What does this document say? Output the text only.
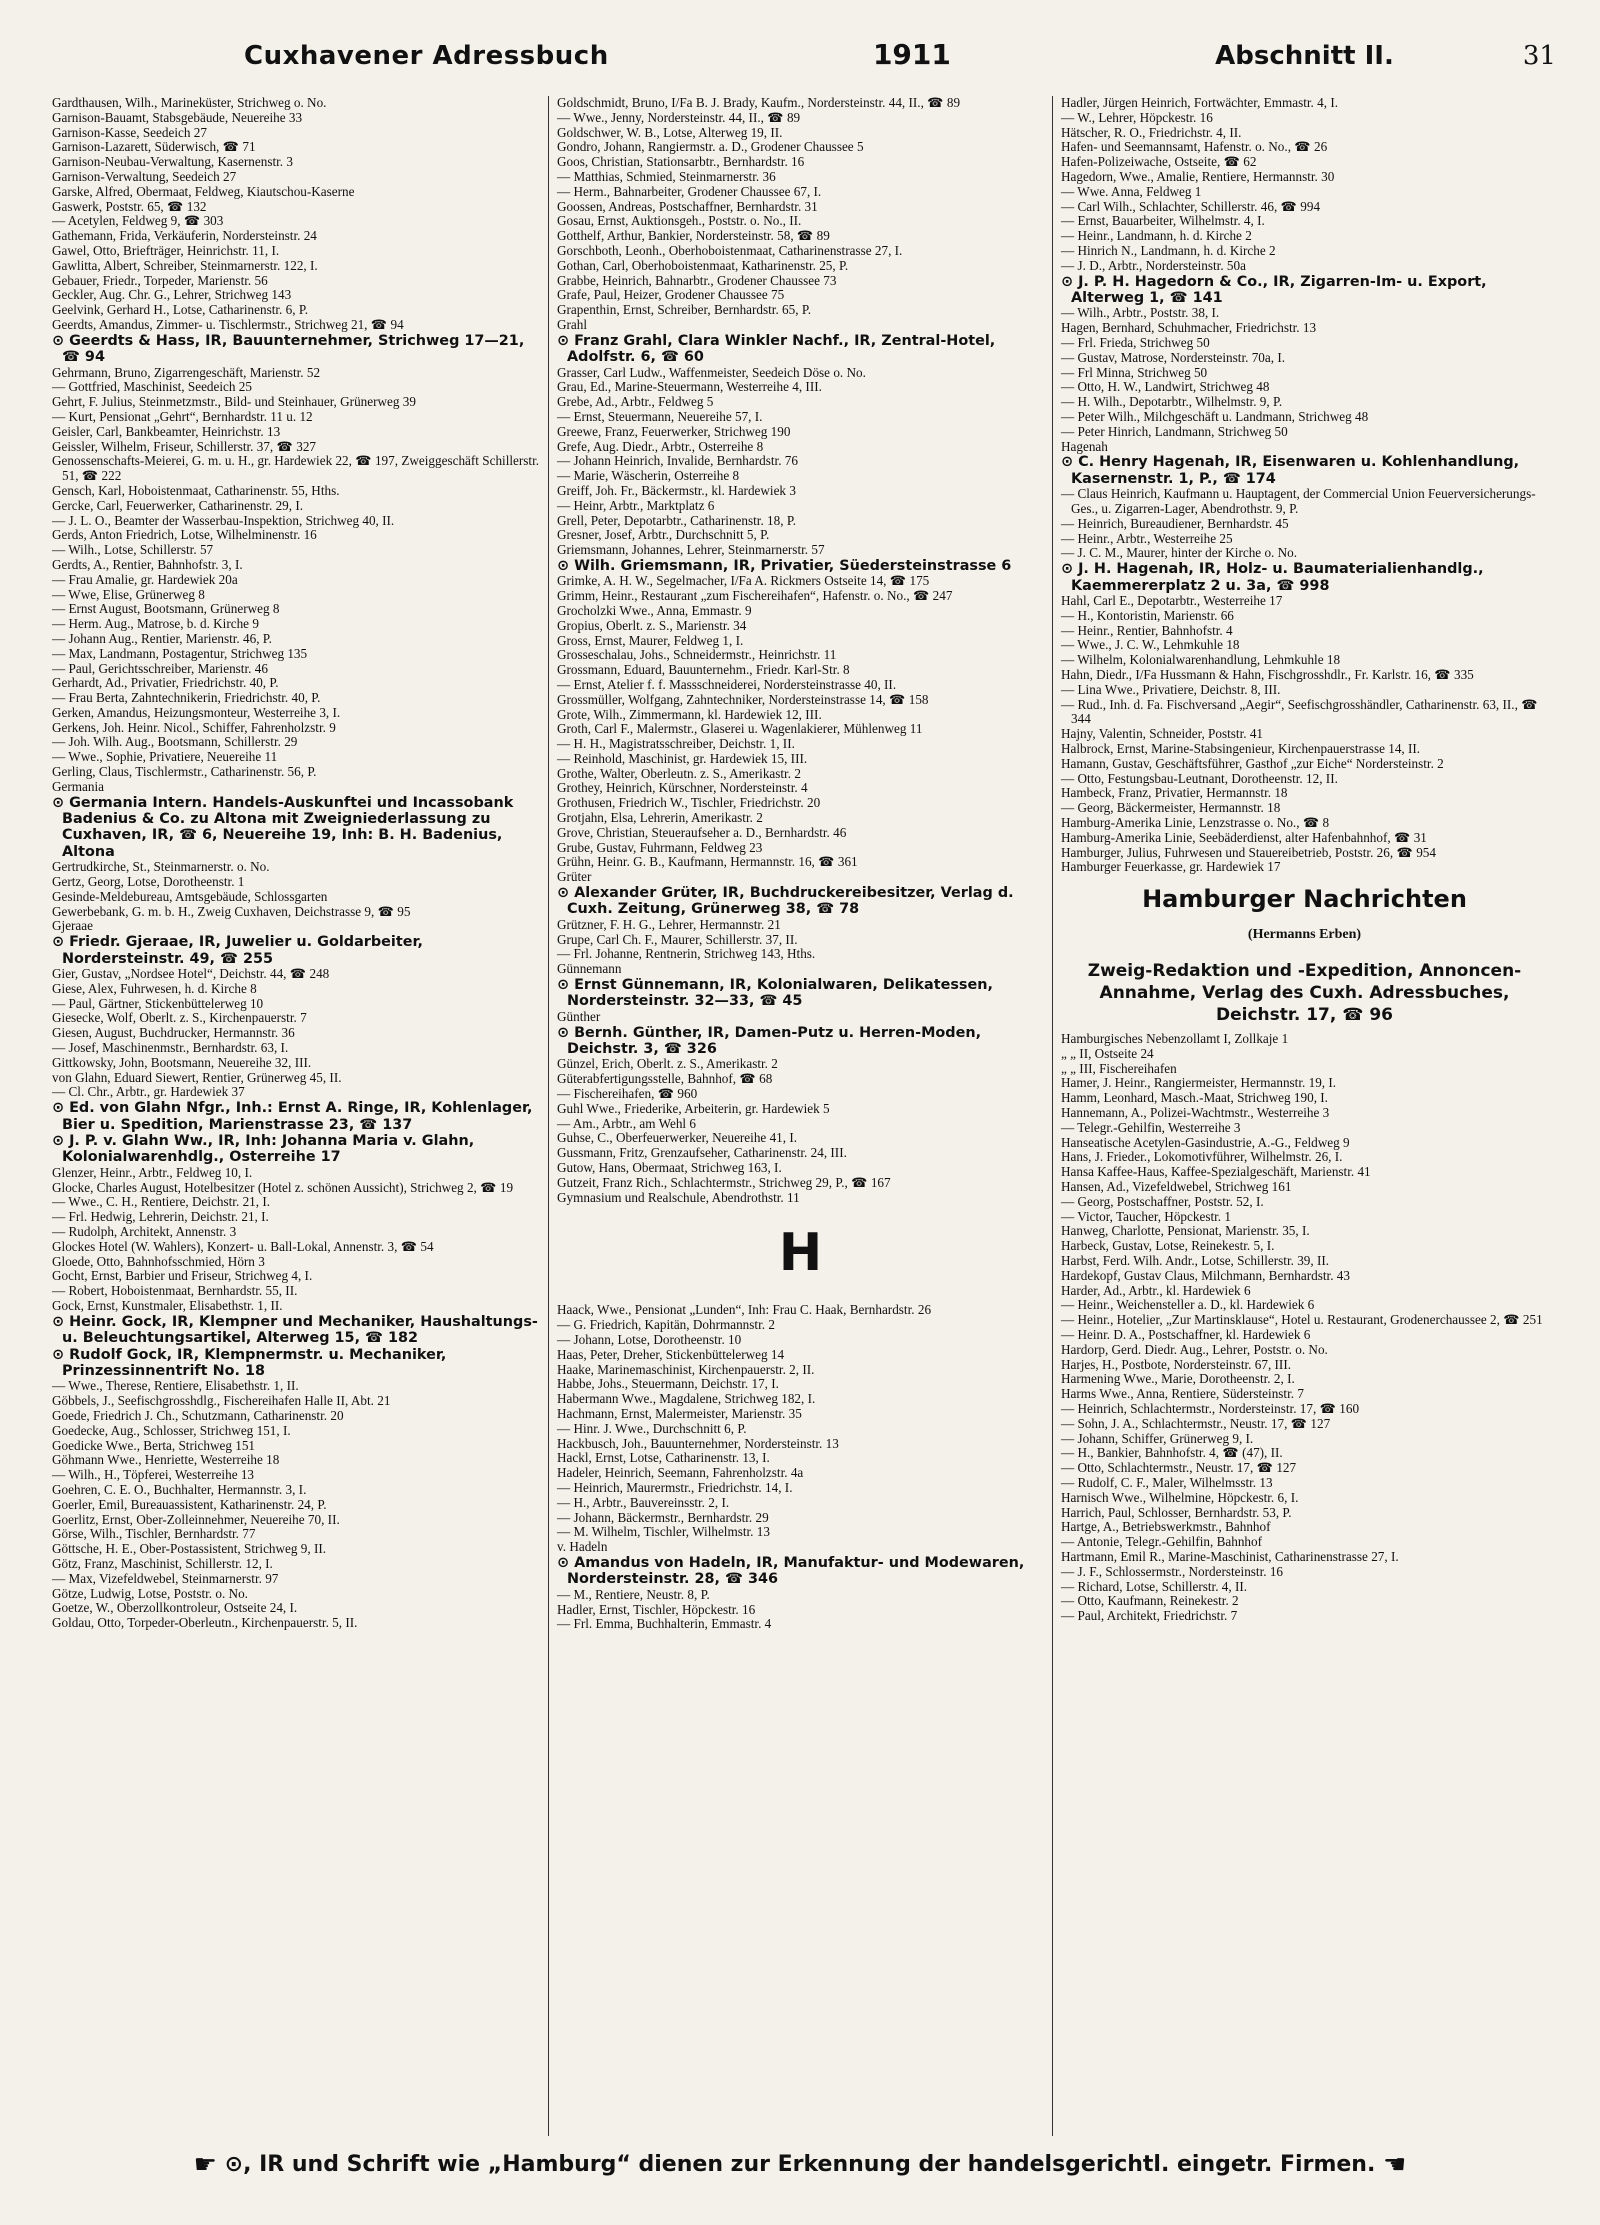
Cuxhavener Adressbuch	1911	Abschnitt II.	31

Gardthausen, Wilh., Marineküster, Strichweg o. No.

Garnison-Bauamt, Stabsgebäude, Neuereihe 33

Garnison-Kasse, Seedeich 27

Garnison-Lazarett, Süderwisch, ☎ 71

Garnison-Neubau-Verwaltung, Kasernenstr. 3

Garnison-Verwaltung, Seedeich 27

Garske, Alfred, Obermaat, Feldweg, Kiautschou-Kaserne

Gaswerk, Poststr. 65, ☎ 132

— Acetylen, Feldweg 9, ☎ 303

Gathemann, Frida, Verkäuferin, Nordersteinstr. 24

Gawel, Otto, Briefträger, Heinrichstr. 11, I.

Gawlitta, Albert, Schreiber, Steinmarnerstr. 122, I.

Gebauer, Friedr., Torpeder, Marienstr. 56

Geckler, Aug. Chr. G., Lehrer, Strichweg 143

Geelvink, Gerhard H., Lotse, Catharinenstr. 6, P.

Geerdts, Amandus, Zimmer- u. Tischlermstr., Strichweg 21, ☎ 94

⊙ Geerdts & Hass, IR, Bauunternehmer, Strichweg 17—21, ☎ 94

Gehrmann, Bruno, Zigarrengeschäft, Marienstr. 52

— Gottfried, Maschinist, Seedeich 25

Gehrt, F. Julius, Steinmetzmstr., Bild- und Steinhauer, Grünerweg 39

— Kurt, Pensionat „Gehrt“, Bernhardstr. 11 u. 12

Geisler, Carl, Bankbeamter, Heinrichstr. 13

Geissler, Wilhelm, Friseur, Schillerstr. 37, ☎ 327

Genossenschafts-Meierei, G. m. u. H., gr. Hardewiek 22, ☎ 197, Zweiggeschäft Schillerstr. 51, ☎ 222

Gensch, Karl, Hoboistenmaat, Catharinenstr. 55, Hths.

Gercke, Carl, Feuerwerker, Catharinenstr. 29, I.

— J. L. O., Beamter der Wasserbau-Inspektion, Strichweg 40, II.

Gerds, Anton Friedrich, Lotse, Wilhelminenstr. 16

— Wilh., Lotse, Schillerstr. 57

Gerdts, A., Rentier, Bahnhofstr. 3, I.

— Frau Amalie, gr. Hardewiek 20a

— Wwe, Elise, Grünerweg 8

— Ernst August, Bootsmann, Grünerweg 8

— Herm. Aug., Matrose, b. d. Kirche 9

— Johann Aug., Rentier, Marienstr. 46, P.

— Max, Landmann, Postagentur, Strichweg 135

— Paul, Gerichtsschreiber, Marienstr. 46

Gerhardt, Ad., Privatier, Friedrichstr. 40, P.

— Frau Berta, Zahntechnikerin, Friedrichstr. 40, P.

Gerken, Amandus, Heizungsmonteur, Westerreihe 3, I.

Gerkens, Joh. Heinr. Nicol., Schiffer, Fahrenholzstr. 9

— Joh. Wilh. Aug., Bootsmann, Schillerstr. 29

— Wwe., Sophie, Privatiere, Neuereihe 11

Gerling, Claus, Tischlermstr., Catharinenstr. 56, P.

Germania

⊙ Germania Intern. Handels-Auskunftei und Incassobank Badenius & Co. zu Altona mit Zweigniederlassung zu Cuxhaven, IR, ☎ 6, Neuereihe 19, Inh: B. H. Badenius, Altona

Gertrudkirche, St., Steinmarnerstr. o. No.

Gertz, Georg, Lotse, Dorotheenstr. 1

Gesinde-Meldebureau, Amtsgebäude, Schlossgarten

Gewerbebank, G. m. b. H., Zweig Cuxhaven, Deichstrasse 9, ☎ 95

Gjeraae

⊙ Friedr. Gjeraae, IR, Juwelier u. Goldarbeiter, Nordersteinstr. 49, ☎ 255

Gier, Gustav, „Nordsee Hotel“, Deichstr. 44, ☎ 248

Giese, Alex, Fuhrwesen, h. d. Kirche 8

— Paul, Gärtner, Stickenbüttelerweg 10

Giesecke, Wolf, Oberlt. z. S., Kirchenpauerstr. 7

Giesen, August, Buchdrucker, Hermannstr. 36

— Josef, Maschinenmstr., Bernhardstr. 63, I.

Gittkowsky, John, Bootsmann, Neuereihe 32, III.

von Glahn, Eduard Siewert, Rentier, Grünerweg 45, II.

— Cl. Chr., Arbtr., gr. Hardewiek 37

⊙ Ed. von Glahn Nfgr., Inh.: Ernst A. Ringe, IR, Kohlenlager, Bier u. Spedition, Marienstrasse 23, ☎ 137

⊙ J. P. v. Glahn Ww., IR, Inh: Johanna Maria v. Glahn, Kolonialwarenhdlg., Osterreihe 17

Glenzer, Heinr., Arbtr., Feldweg 10, I.

Glocke, Charles August, Hotelbesitzer (Hotel z. schönen Aussicht), Strichweg 2, ☎ 19

— Wwe., C. H., Rentiere, Deichstr. 21, I.

— Frl. Hedwig, Lehrerin, Deichstr. 21, I.

— Rudolph, Architekt, Annenstr. 3

Glockes Hotel (W. Wahlers), Konzert- u. Ball-Lokal, Annenstr. 3, ☎ 54

Gloede, Otto, Bahnhofsschmied, Hörn 3

Gocht, Ernst, Barbier und Friseur, Strichweg 4, I.

— Robert, Hoboistenmaat, Bernhardstr. 55, II.

Gock, Ernst, Kunstmaler, Elisabethstr. 1, II.

⊙ Heinr. Gock, IR, Klempner und Mechaniker, Haushaltungs- u. Beleuchtungsartikel, Alterweg 15, ☎ 182

⊙ Rudolf Gock, IR, Klempnermstr. u. Mechaniker, Prinzessinnentrift No. 18

— Wwe., Therese, Rentiere, Elisabethstr. 1, II.

Göbbels, J., Seefischgrosshdlg., Fischereihafen Halle II, Abt. 21

Goede, Friedrich J. Ch., Schutzmann, Catharinenstr. 20

Goedecke, Aug., Schlosser, Strichweg 151, I.

Goedicke Wwe., Berta, Strichweg 151

Göhmann Wwe., Henriette, Westerreihe 18

— Wilh., H., Töpferei, Westerreihe 13

Goehren, C. E. O., Buchhalter, Hermannstr. 3, I.

Goerler, Emil, Bureauassistent, Katharinenstr. 24, P.

Goerlitz, Ernst, Ober-Zolleinnehmer, Neuereihe 70, II.

Görse, Wilh., Tischler, Bernhardstr. 77

Göttsche, H. E., Ober-Postassistent, Strichweg 9, II.

Götz, Franz, Maschinist, Schillerstr. 12, I.

— Max, Vizefeldwebel, Steinmarnerstr. 97

Götze, Ludwig, Lotse, Poststr. o. No.

Goetze, W., Oberzollkontroleur, Ostseite 24, I.

Goldau, Otto, Torpeder-Oberleutn., Kirchenpauerstr. 5, II.

Goldschmidt, Bruno, I/Fa B. J. Brady, Kaufm., Nordersteinstr. 44, II., ☎ 89

— Wwe., Jenny, Nordersteinstr. 44, II., ☎ 89

Goldschwer, W. B., Lotse, Alterweg 19, II.

Gondro, Johann, Rangiermstr. a. D., Grodener Chaussee 5

Goos, Christian, Stationsarbtr., Bernhardstr. 16

— Matthias, Schmied, Steinmarnerstr. 36

— Herm., Bahnarbeiter, Grodener Chaussee 67, I.

Goossen, Andreas, Postschaffner, Bernhardstr. 31

Gosau, Ernst, Auktionsgeh., Poststr. o. No., II.

Gotthelf, Arthur, Bankier, Nordersteinstr. 58, ☎ 89

Gorschboth, Leonh., Oberhoboistenmaat, Catharinenstrasse 27, I.

Gothan, Carl, Oberhoboistenmaat, Katharinenstr. 25, P.

Grabbe, Heinrich, Bahnarbtr., Grodener Chaussee 73

Grafe, Paul, Heizer, Grodener Chaussee 75

Grapenthin, Ernst, Schreiber, Bernhardstr. 65, P.

Grahl

⊙ Franz Grahl, Clara Winkler Nachf., IR, Zentral-Hotel, Adolfstr. 6, ☎ 60

Grasser, Carl Ludw., Waffenmeister, Seedeich Döse o. No.

Grau, Ed., Marine-Steuermann, Westerreihe 4, III.

Grebe, Ad., Arbtr., Feldweg 5

— Ernst, Steuermann, Neuereihe 57, I.

Greewe, Franz, Feuerwerker, Strichweg 190

Grefe, Aug. Diedr., Arbtr., Osterreihe 8

— Johann Heinrich, Invalide, Bernhardstr. 76

— Marie, Wäscherin, Osterreihe 8

Greiff, Joh. Fr., Bäckermstr., kl. Hardewiek 3

— Heinr, Arbtr., Marktplatz 6

Grell, Peter, Depotarbtr., Catharinenstr. 18, P.

Gresner, Josef, Arbtr., Durchschnitt 5, P.

Griemsmann, Johannes, Lehrer, Steinmarnerstr. 57

⊙ Wilh. Griemsmann, IR, Privatier, Süedersteinstrasse 6

Grimke, A. H. W., Segelmacher, I/Fa A. Rickmers Ostseite 14, ☎ 175

Grimm, Heinr., Restaurant „zum Fischereihafen“, Hafenstr. o. No., ☎ 247

Grocholzki Wwe., Anna, Emmastr. 9

Gropius, Oberlt. z. S., Marienstr. 34

Gross, Ernst, Maurer, Feldweg 1, I.

Grosseschalau, Johs., Schneidermstr., Heinrichstr. 11

Grossmann, Eduard, Bauunternehm., Friedr. Karl-Str. 8

— Ernst, Atelier f. f. Massschneiderei, Nordersteinstrasse 40, II.

Grossmüller, Wolfgang, Zahntechniker, Nordersteinstrasse 14, ☎ 158

Grote, Wilh., Zimmermann, kl. Hardewiek 12, III.

Groth, Carl F., Malermstr., Glaserei u. Wagenlakierer, Mühlenweg 11

— H. H., Magistratsschreiber, Deichstr. 1, II.

— Reinhold, Maschinist, gr. Hardewiek 15, III.

Grothe, Walter, Oberleutn. z. S., Amerikastr. 2

Grothey, Heinrich, Kürschner, Nordersteinstr. 4

Grothusen, Friedrich W., Tischler, Friedrichstr. 20

Grotjahn, Elsa, Lehrerin, Amerikastr. 2

Grove, Christian, Steueraufseher a. D., Bernhardstr. 46

Grube, Gustav, Fuhrmann, Feldweg 23

Grühn, Heinr. G. B., Kaufmann, Hermannstr. 16, ☎ 361

Grüter

⊙ Alexander Grüter, IR, Buchdruckereibesitzer, Verlag d. Cuxh. Zeitung, Grünerweg 38, ☎ 78

Grützner, F. H. G., Lehrer, Hermannstr. 21

Grupe, Carl Ch. F., Maurer, Schillerstr. 37, II.

— Frl. Johanne, Rentnerin, Strichweg 143, Hths.

Günnemann

⊙ Ernst Günnemann, IR, Kolonialwaren, Delikatessen, Nordersteinstr. 32—33, ☎ 45

Günther

⊙ Bernh. Günther, IR, Damen-Putz u. Herren-Moden, Deichstr. 3, ☎ 326

Günzel, Erich, Oberlt. z. S., Amerikastr. 2

Güterabfertigungsstelle, Bahnhof, ☎ 68

— Fischereihafen, ☎ 960

Guhl Wwe., Friederike, Arbeiterin, gr. Hardewiek 5

— Am., Arbtr., am Wehl 6

Guhse, C., Oberfeuerwerker, Neuereihe 41, I.

Gussmann, Fritz, Grenzaufseher, Catharinenstr. 24, III.

Gutow, Hans, Obermaat, Strichweg 163, I.

Gutzeit, Franz Rich., Schlachtermstr., Strichweg 29, P., ☎ 167

Gymnasium und Realschule, Abendrothstr. 11

H

Haack, Wwe., Pensionat „Lunden“, Inh: Frau C. Haak, Bernhardstr. 26

— G. Friedrich, Kapitän, Dohrmannstr. 2

— Johann, Lotse, Dorotheenstr. 10

Haas, Peter, Dreher, Stickenbüttelerweg 14

Haake, Marinemaschinist, Kirchenpauerstr. 2, II.

Habbe, Johs., Steuermann, Deichstr. 17, I.

Habermann Wwe., Magdalene, Strichweg 182, I.

Hachmann, Ernst, Malermeister, Marienstr. 35

— Hinr. J. Wwe., Durchschnitt 6, P.

Hackbusch, Joh., Bauunternehmer, Nordersteinstr. 13

Hackl, Ernst, Lotse, Catharinenstr. 13, I.

Hadeler, Heinrich, Seemann, Fahrenholzstr. 4a

— Heinrich, Maurermstr., Friedrichstr. 14, I.

— H., Arbtr., Bauvereinsstr. 2, I.

— Johann, Bäckermstr., Bernhardstr. 29

— M. Wilhelm, Tischler, Wilhelmstr. 13

v. Hadeln

⊙ Amandus von Hadeln, IR, Manufaktur- und Modewaren, Nordersteinstr. 28, ☎ 346

— M., Rentiere, Neustr. 8, P.

Hadler, Ernst, Tischler, Höpckestr. 16

— Frl. Emma, Buchhalterin, Emmastr. 4

Hadler, Jürgen Heinrich, Fortwächter, Emmastr. 4, I.

— W., Lehrer, Höpckestr. 16

Hätscher, R. O., Friedrichstr. 4, II.

Hafen- und Seemannsamt, Hafenstr. o. No., ☎ 26

Hafen-Polizeiwache, Ostseite, ☎ 62

Hagedorn, Wwe., Amalie, Rentiere, Hermannstr. 30

— Wwe. Anna, Feldweg 1

— Carl Wilh., Schlachter, Schillerstr. 46, ☎ 994

— Ernst, Bauarbeiter, Wilhelmstr. 4, I.

— Heinr., Landmann, h. d. Kirche 2

— Hinrich N., Landmann, h. d. Kirche 2

— J. D., Arbtr., Nordersteinstr. 50a

⊙ J. P. H. Hagedorn & Co., IR, Zigarren-Im- u. Export, Alterweg 1, ☎ 141

— Wilh., Arbtr., Poststr. 38, I.

Hagen, Bernhard, Schuhmacher, Friedrichstr. 13

— Frl. Frieda, Strichweg 50

— Gustav, Matrose, Nordersteinstr. 70a, I.

— Frl Minna, Strichweg 50

— Otto, H. W., Landwirt, Strichweg 48

— H. Wilh., Depotarbtr., Wilhelmstr. 9, P.

— Peter Wilh., Milchgeschäft u. Landmann, Strichweg 48

— Peter Hinrich, Landmann, Strichweg 50

Hagenah

⊙ C. Henry Hagenah, IR, Eisenwaren u. Kohlenhandlung, Kasernenstr. 1, P., ☎ 174

— Claus Heinrich, Kaufmann u. Hauptagent, der Commercial Union Feuerversicherungs-Ges., u. Zigarren-Lager, Abendrothstr. 9, P.

— Heinrich, Bureaudiener, Bernhardstr. 45

— Heinr., Arbtr., Westerreihe 25

— J. C. M., Maurer, hinter der Kirche o. No.

⊙ J. H. Hagenah, IR, Holz- u. Baumaterialienhandlg., Kaemmererplatz 2 u. 3a, ☎ 998

Hahl, Carl E., Depotarbtr., Westerreihe 17

— H., Kontoristin, Marienstr. 66

— Heinr., Rentier, Bahnhofstr. 4

— Wwe., J. C. W., Lehmkuhle 18

— Wilhelm, Kolonialwarenhandlung, Lehmkuhle 18

Hahn, Diedr., I/Fa Hussmann & Hahn, Fischgrosshdlr., Fr. Karlstr. 16, ☎ 335

— Lina Wwe., Privatiere, Deichstr. 8, III.

— Rud., Inh. d. Fa. Fischversand „Aegir“, Seefischgrosshändler, Catharinenstr. 63, II., ☎ 344

Hajny, Valentin, Schneider, Poststr. 41

Halbrock, Ernst, Marine-Stabsingenieur, Kirchenpauerstrasse 14, II.

Hamann, Gustav, Geschäftsführer, Gasthof „zur Eiche“ Nordersteinstr. 2

— Otto, Festungsbau-Leutnant, Dorotheenstr. 12, II.

Hambeck, Franz, Privatier, Hermannstr. 18

— Georg, Bäckermeister, Hermannstr. 18

Hamburg-Amerika Linie, Lenzstrasse o. No., ☎ 8

Hamburg-Amerika Linie, Seebäderdienst, alter Hafenbahnhof, ☎ 31

Hamburger, Julius, Fuhrwesen und Stauereibetrieb, Poststr. 26, ☎ 954

Hamburger Feuerkasse, gr. Hardewiek 17

Hamburger Nachrichten

(Hermanns Erben)

Zweig-Redaktion und -Expedition, Annoncen-Annahme, Verlag des Cuxh. Adressbuches, Deichstr. 17, ☎ 96

Hamburgisches Nebenzollamt I, Zollkaje 1

„ „ II, Ostseite 24

„ „ III, Fischereihafen

Hamer, J. Heinr., Rangiermeister, Hermannstr. 19, I.

Hamm, Leonhard, Masch.-Maat, Strichweg 190, I.

Hannemann, A., Polizei-Wachtmstr., Westerreihe 3

— Telegr.-Gehilfin, Westerreihe 3

Hanseatische Acetylen-Gasindustrie, A.-G., Feldweg 9

Hans, J. Frieder., Lokomotivführer, Wilhelmstr. 26, I.

Hansa Kaffee-Haus, Kaffee-Spezialgeschäft, Marienstr. 41

Hansen, Ad., Vizefeldwebel, Strichweg 161

— Georg, Postschaffner, Poststr. 52, I.

— Victor, Taucher, Höpckestr. 1

Hanweg, Charlotte, Pensionat, Marienstr. 35, I.

Harbeck, Gustav, Lotse, Reinekestr. 5, I.

Harbst, Ferd. Wilh. Andr., Lotse, Schillerstr. 39, II.

Hardekopf, Gustav Claus, Milchmann, Bernhardstr. 43

Harder, Ad., Arbtr., kl. Hardewiek 6

— Heinr., Weichensteller a. D., kl. Hardewiek 6

— Heinr., Hotelier, „Zur Martinsklause“, Hotel u. Restaurant, Grodenerchaussee 2, ☎ 251

— Heinr. D. A., Postschaffner, kl. Hardewiek 6

Hardorp, Gerd. Diedr. Aug., Lehrer, Poststr. o. No.

Harjes, H., Postbote, Nordersteinstr. 67, III.

Harmening Wwe., Marie, Dorotheenstr. 2, I.

Harms Wwe., Anna, Rentiere, Südersteinstr. 7

— Heinrich, Schlachtermstr., Nordersteinstr. 17, ☎ 160

— Sohn, J. A., Schlachtermstr., Neustr. 17, ☎ 127

— Johann, Schiffer, Grünerweg 9, I.

— H., Bankier, Bahnhofstr. 4, ☎ (47), II.

— Otto, Schlachtermstr., Neustr. 17, ☎ 127

— Rudolf, C. F., Maler, Wilhelmsstr. 13

Harnisch Wwe., Wilhelmine, Höpckestr. 6, I.

Harrich, Paul, Schlosser, Bernhardstr. 53, P.

Hartge, A., Betriebswerkmstr., Bahnhof

— Antonie, Telegr.-Gehilfin, Bahnhof

Hartmann, Emil R., Marine-Maschinist, Catharinenstrasse 27, I.

— J. F., Schlossermstr., Nordersteinstr. 16

— Richard, Lotse, Schillerstr. 4, II.

— Otto, Kaufmann, Reinekestr. 2

— Paul, Architekt, Friedrichstr. 7

☛ ⊙, IR und Schrift wie „Hamburg“ dienen zur Erkennung der handelsgerichtl. eingetr. Firmen. ☚
